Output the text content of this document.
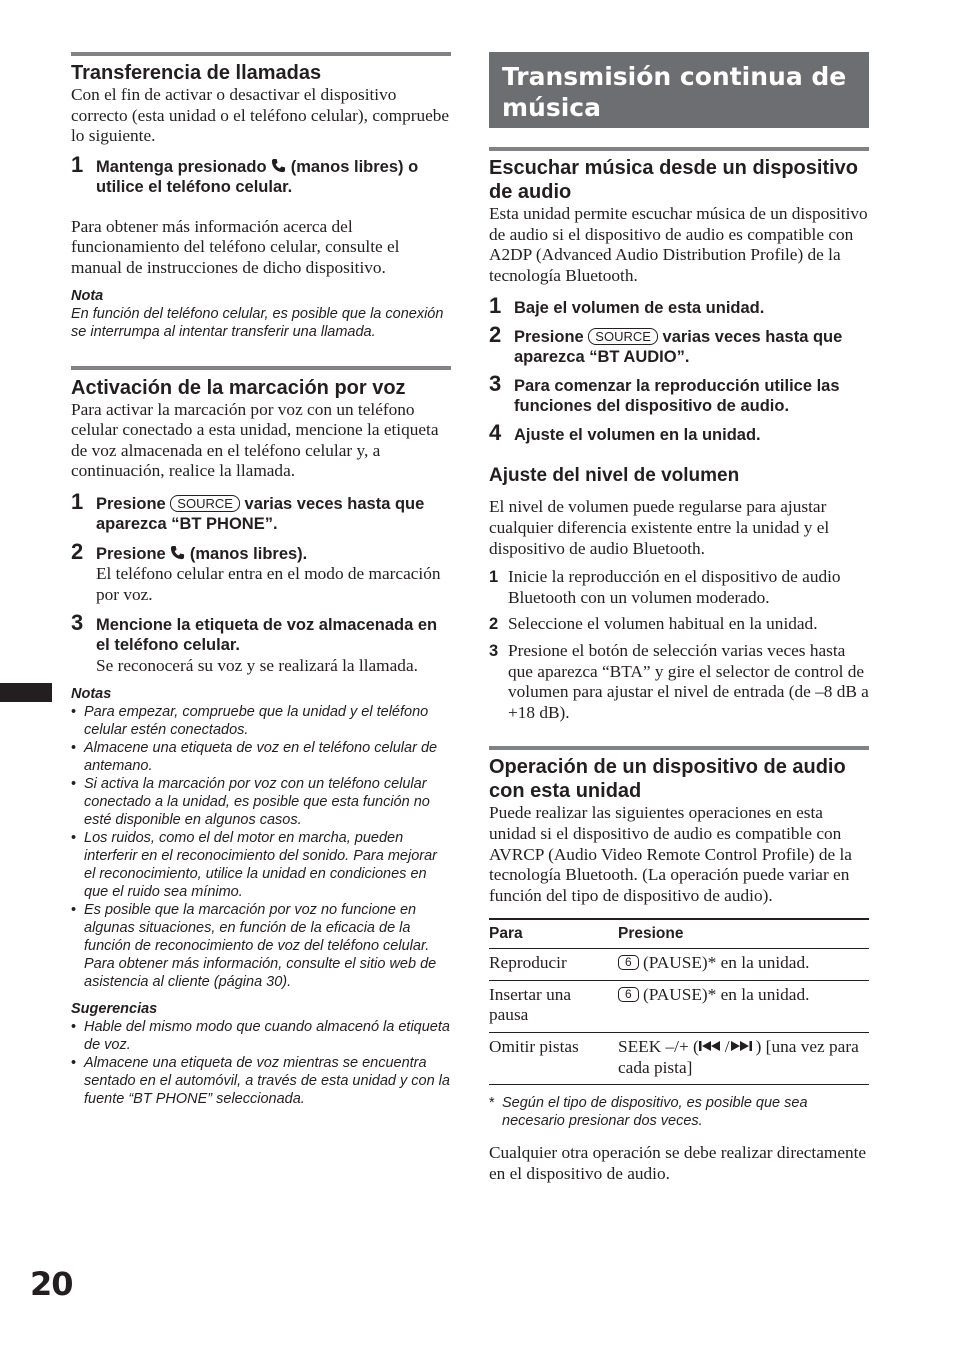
Transferencia de llamadas

Con el fin de activar o desactivar el dispositivo correcto (esta unidad o el teléfono celular), compruebe lo siguiente.

1 Mantenga presionado (manos libres) o utilice el teléfono celular.

Para obtener más información acerca del funcionamiento del teléfono celular, consulte el manual de instrucciones de dicho dispositivo.

Nota

En función del teléfono celular, es posible que la conexión se interrumpa al intentar transferir una llamada.

Activación de la marcación por voz

Para activar la marcación por voz con un teléfono celular conectado a esta unidad, mencione la etiqueta de voz almacenada en el teléfono celular y, a continuación, realice la llamada.

1 Presione SOURCE varias veces hasta que aparezca “BT PHONE”.

2 Presione (manos libres).

El teléfono celular entra en el modo de marcación por voz.

3 Mencione la etiqueta de voz almacenada en el teléfono celular.

Se reconocerá su voz y se realizará la llamada.

Notas

• Para empezar, compruebe que la unidad y el teléfono celular estén conectados.
• Almacene una etiqueta de voz en el teléfono celular de antemano.
• Si activa la marcación por voz con un teléfono celular conectado a la unidad, es posible que esta función no esté disponible en algunos casos.
• Los ruidos, como el del motor en marcha, pueden interferir en el reconocimiento del sonido. Para mejorar el reconocimiento, utilice la unidad en condiciones en que el ruido sea mínimo.
• Es posible que la marcación por voz no funcione en algunas situaciones, en función de la eficacia de la función de reconocimiento de voz del teléfono celular. Para obtener más información, consulte el sitio web de asistencia al cliente (página 30).

Sugerencias

• Hable del mismo modo que cuando almacenó la etiqueta de voz.
• Almacene una etiqueta de voz mientras se encuentra sentado en el automóvil, a través de esta unidad y con la fuente “BT PHONE” seleccionada.
Transmisión continua de
música
Escuchar música desde un dispositivo de audio

Esta unidad permite escuchar música de un dispositivo de audio si el dispositivo de audio es compatible con A2DP (Advanced Audio Distribution Profile) de la tecnología Bluetooth.

1 Baje el volumen de esta unidad.

2 Presione SOURCE varias veces hasta que aparezca “BT AUDIO”.

3 Para comenzar la reproducción utilice las funciones del dispositivo de audio.

4 Ajuste el volumen en la unidad.

Ajuste del nivel de volumen

El nivel de volumen puede regularse para ajustar cualquier diferencia existente entre la unidad y el dispositivo de audio Bluetooth.

1 Inicie la reproducción en el dispositivo de audio Bluetooth con un volumen moderado.
2 Seleccione el volumen habitual en la unidad.
3 Presione el botón de selección varias veces hasta que aparezca “BTA” y gire el selector de control de volumen para ajustar el nivel de entrada (de –8 dB a +18 dB).
Operación de un dispositivo de audio con esta unidad

Puede realizar las siguientes operaciones en esta unidad si el dispositivo de audio es compatible con AVRCP (Audio Video Remote Control Profile) de la tecnología Bluetooth. (La operación puede variar en función del tipo de dispositivo de audio).

Para	Presione
Reproducir	6 (PAUSE)* en la unidad.
Insertar una pausa	6 (PAUSE)* en la unidad.
Omitir pistas	SEEK –/+ ( / ) [una vez para cada pista]
* Según el tipo de dispositivo, es posible que sea necesario presionar dos veces.

Cualquier otra operación se debe realizar directamente en el dispositivo de audio.

20
